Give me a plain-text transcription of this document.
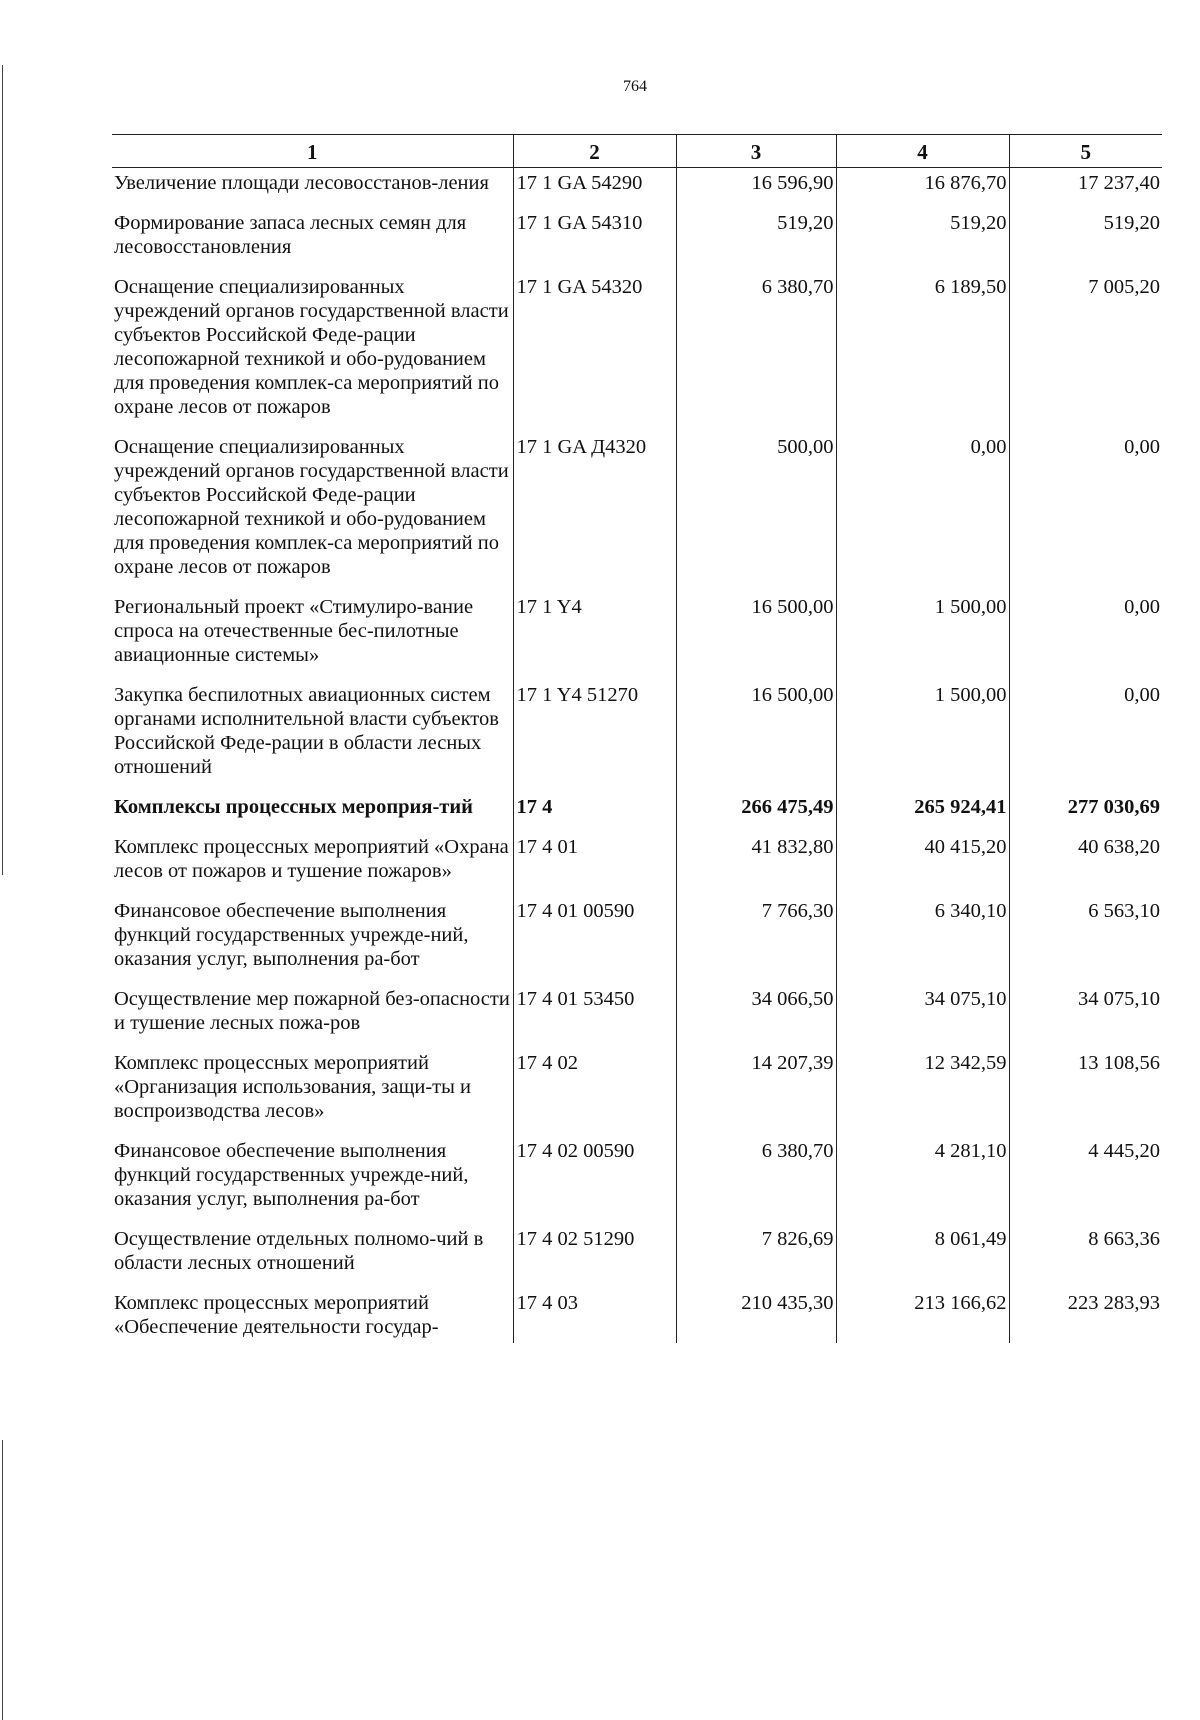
764
1	2	3	4	5
Увеличение площади лесовосстанов-ления	17 1 GA 54290	16 596,90	16 876,70	17 237,40
Формирование запаса лесных семян для лесовосстановления	17 1 GA 54310	519,20	519,20	519,20
Оснащение специализированных учреждений органов государственной власти субъектов Российской Феде-рации лесопожарной техникой и обо-рудованием для проведения комплек-са мероприятий по охране лесов от пожаров	17 1 GA 54320	6 380,70	6 189,50	7 005,20
Оснащение специализированных учреждений органов государственной власти субъектов Российской Феде-рации лесопожарной техникой и обо-рудованием для проведения комплек-са мероприятий по охране лесов от пожаров	17 1 GA Д4320	500,00	0,00	0,00
Региональный проект «Стимулиро-вание спроса на отечественные бес-пилотные авиационные системы»	17 1 Y4	16 500,00	1 500,00	0,00
Закупка беспилотных авиационных систем органами исполнительной власти субъектов Российской Феде-рации в области лесных отношений	17 1 Y4 51270	16 500,00	1 500,00	0,00
Комплексы процессных мероприя-тий	17 4	266 475,49	265 924,41	277 030,69
Комплекс процессных мероприятий «Охрана лесов от пожаров и тушение пожаров»	17 4 01	41 832,80	40 415,20	40 638,20
Финансовое обеспечение выполнения функций государственных учрежде-ний, оказания услуг, выполнения ра-бот	17 4 01 00590	7 766,30	6 340,10	6 563,10
Осуществление мер пожарной без-опасности и тушение лесных пожа-ров	17 4 01 53450	34 066,50	34 075,10	34 075,10
Комплекс процессных мероприятий «Организация использования, защи-ты и воспроизводства лесов»	17 4 02	14 207,39	12 342,59	13 108,56
Финансовое обеспечение выполнения функций государственных учрежде-ний, оказания услуг, выполнения ра-бот	17 4 02 00590	6 380,70	4 281,10	4 445,20
Осуществление отдельных полномо-чий в области лесных отношений	17 4 02 51290	7 826,69	8 061,49	8 663,36
Комплекс процессных мероприятий «Обеспечение деятельности государ-	17 4 03	210 435,30	213 166,62	223 283,93
